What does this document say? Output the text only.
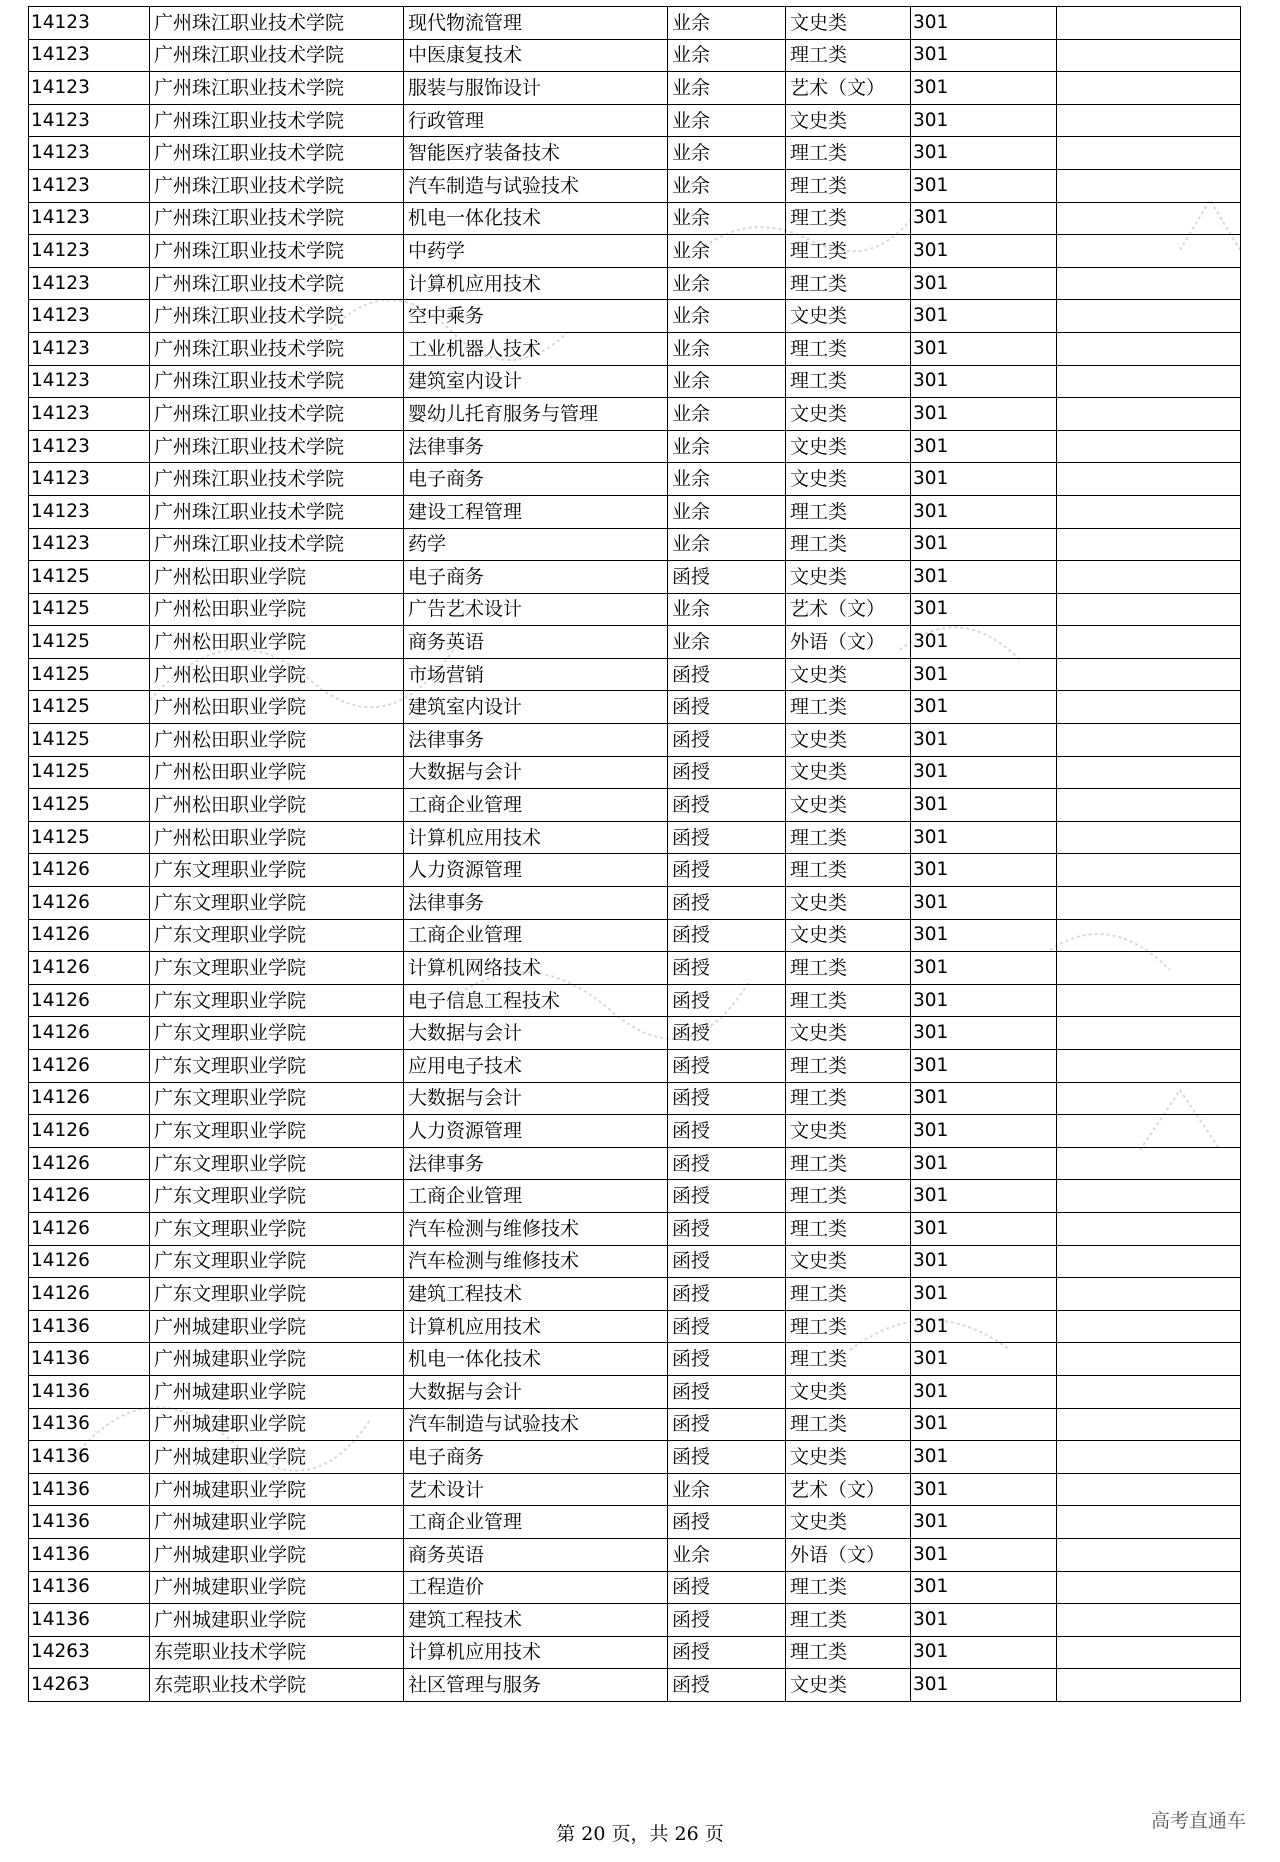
14123	广州珠江职业技术学院	现代物流管理	业余	文史类	301	
14123	广州珠江职业技术学院	中医康复技术	业余	理工类	301	
14123	广州珠江职业技术学院	服装与服饰设计	业余	艺术（文）	301	
14123	广州珠江职业技术学院	行政管理	业余	文史类	301	
14123	广州珠江职业技术学院	智能医疗装备技术	业余	理工类	301	
14123	广州珠江职业技术学院	汽车制造与试验技术	业余	理工类	301	
14123	广州珠江职业技术学院	机电一体化技术	业余	理工类	301	
14123	广州珠江职业技术学院	中药学	业余	理工类	301	
14123	广州珠江职业技术学院	计算机应用技术	业余	理工类	301	
14123	广州珠江职业技术学院	空中乘务	业余	文史类	301	
14123	广州珠江职业技术学院	工业机器人技术	业余	理工类	301	
14123	广州珠江职业技术学院	建筑室内设计	业余	理工类	301	
14123	广州珠江职业技术学院	婴幼儿托育服务与管理	业余	文史类	301	
14123	广州珠江职业技术学院	法律事务	业余	文史类	301	
14123	广州珠江职业技术学院	电子商务	业余	文史类	301	
14123	广州珠江职业技术学院	建设工程管理	业余	理工类	301	
14123	广州珠江职业技术学院	药学	业余	理工类	301	
14125	广州松田职业学院	电子商务	函授	文史类	301	
14125	广州松田职业学院	广告艺术设计	业余	艺术（文）	301	
14125	广州松田职业学院	商务英语	业余	外语（文）	301	
14125	广州松田职业学院	市场营销	函授	文史类	301	
14125	广州松田职业学院	建筑室内设计	函授	理工类	301	
14125	广州松田职业学院	法律事务	函授	文史类	301	
14125	广州松田职业学院	大数据与会计	函授	文史类	301	
14125	广州松田职业学院	工商企业管理	函授	文史类	301	
14125	广州松田职业学院	计算机应用技术	函授	理工类	301	
14126	广东文理职业学院	人力资源管理	函授	理工类	301	
14126	广东文理职业学院	法律事务	函授	文史类	301	
14126	广东文理职业学院	工商企业管理	函授	文史类	301	
14126	广东文理职业学院	计算机网络技术	函授	理工类	301	
14126	广东文理职业学院	电子信息工程技术	函授	理工类	301	
14126	广东文理职业学院	大数据与会计	函授	文史类	301	
14126	广东文理职业学院	应用电子技术	函授	理工类	301	
14126	广东文理职业学院	大数据与会计	函授	理工类	301	
14126	广东文理职业学院	人力资源管理	函授	文史类	301	
14126	广东文理职业学院	法律事务	函授	理工类	301	
14126	广东文理职业学院	工商企业管理	函授	理工类	301	
14126	广东文理职业学院	汽车检测与维修技术	函授	理工类	301	
14126	广东文理职业学院	汽车检测与维修技术	函授	文史类	301	
14126	广东文理职业学院	建筑工程技术	函授	理工类	301	
14136	广州城建职业学院	计算机应用技术	函授	理工类	301	
14136	广州城建职业学院	机电一体化技术	函授	理工类	301	
14136	广州城建职业学院	大数据与会计	函授	文史类	301	
14136	广州城建职业学院	汽车制造与试验技术	函授	理工类	301	
14136	广州城建职业学院	电子商务	函授	文史类	301	
14136	广州城建职业学院	艺术设计	业余	艺术（文）	301	
14136	广州城建职业学院	工商企业管理	函授	文史类	301	
14136	广州城建职业学院	商务英语	业余	外语（文）	301	
14136	广州城建职业学院	工程造价	函授	理工类	301	
14136	广州城建职业学院	建筑工程技术	函授	理工类	301	
14263	东莞职业技术学院	计算机应用技术	函授	理工类	301	
14263	东莞职业技术学院	社区管理与服务	函授	文史类	301	
第 20 页，共 26 页
高考直通车
